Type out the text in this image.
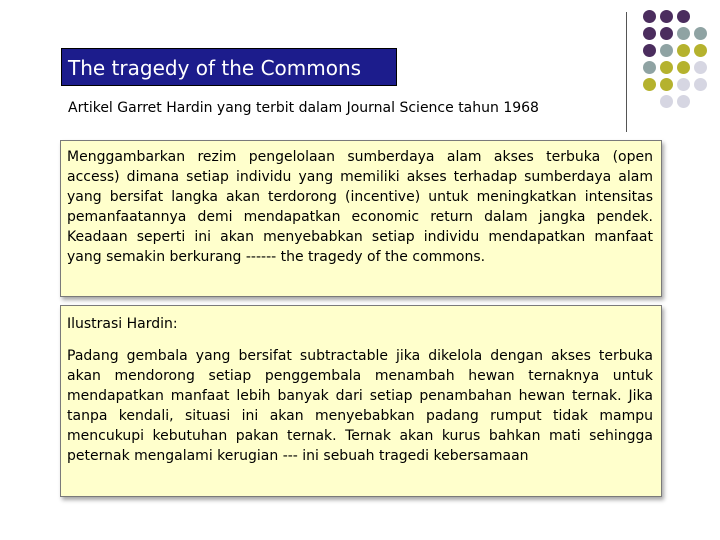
The tragedy of the Commons
Artikel Garret Hardin yang terbit dalam Journal Science tahun 1968
Menggambarkan rezim pengelolaan sumberdaya alam akses terbuka (open access) dimana setiap individu yang memiliki akses terhadap sumberdaya alam yang bersifat langka akan terdorong (incentive) untuk meningkatkan intensitas pemanfaatannya demi mendapatkan economic return dalam jangka pendek. Keadaan seperti ini akan menyebabkan setiap individu mendapatkan manfaat yang semakin berkurang ------ the tragedy of the commons.
Ilustrasi Hardin:
Padang gembala yang bersifat subtractable jika dikelola dengan akses terbuka akan mendorong setiap penggembala menambah hewan ternaknya untuk mendapatkan manfaat lebih banyak dari setiap penambahan hewan ternak. Jika tanpa kendali, situasi ini akan menyebabkan padang rumput tidak mampu mencukupi kebutuhan pakan ternak. Ternak akan kurus bahkan mati sehingga peternak mengalami kerugian --- ini sebuah tragedi kebersamaan
